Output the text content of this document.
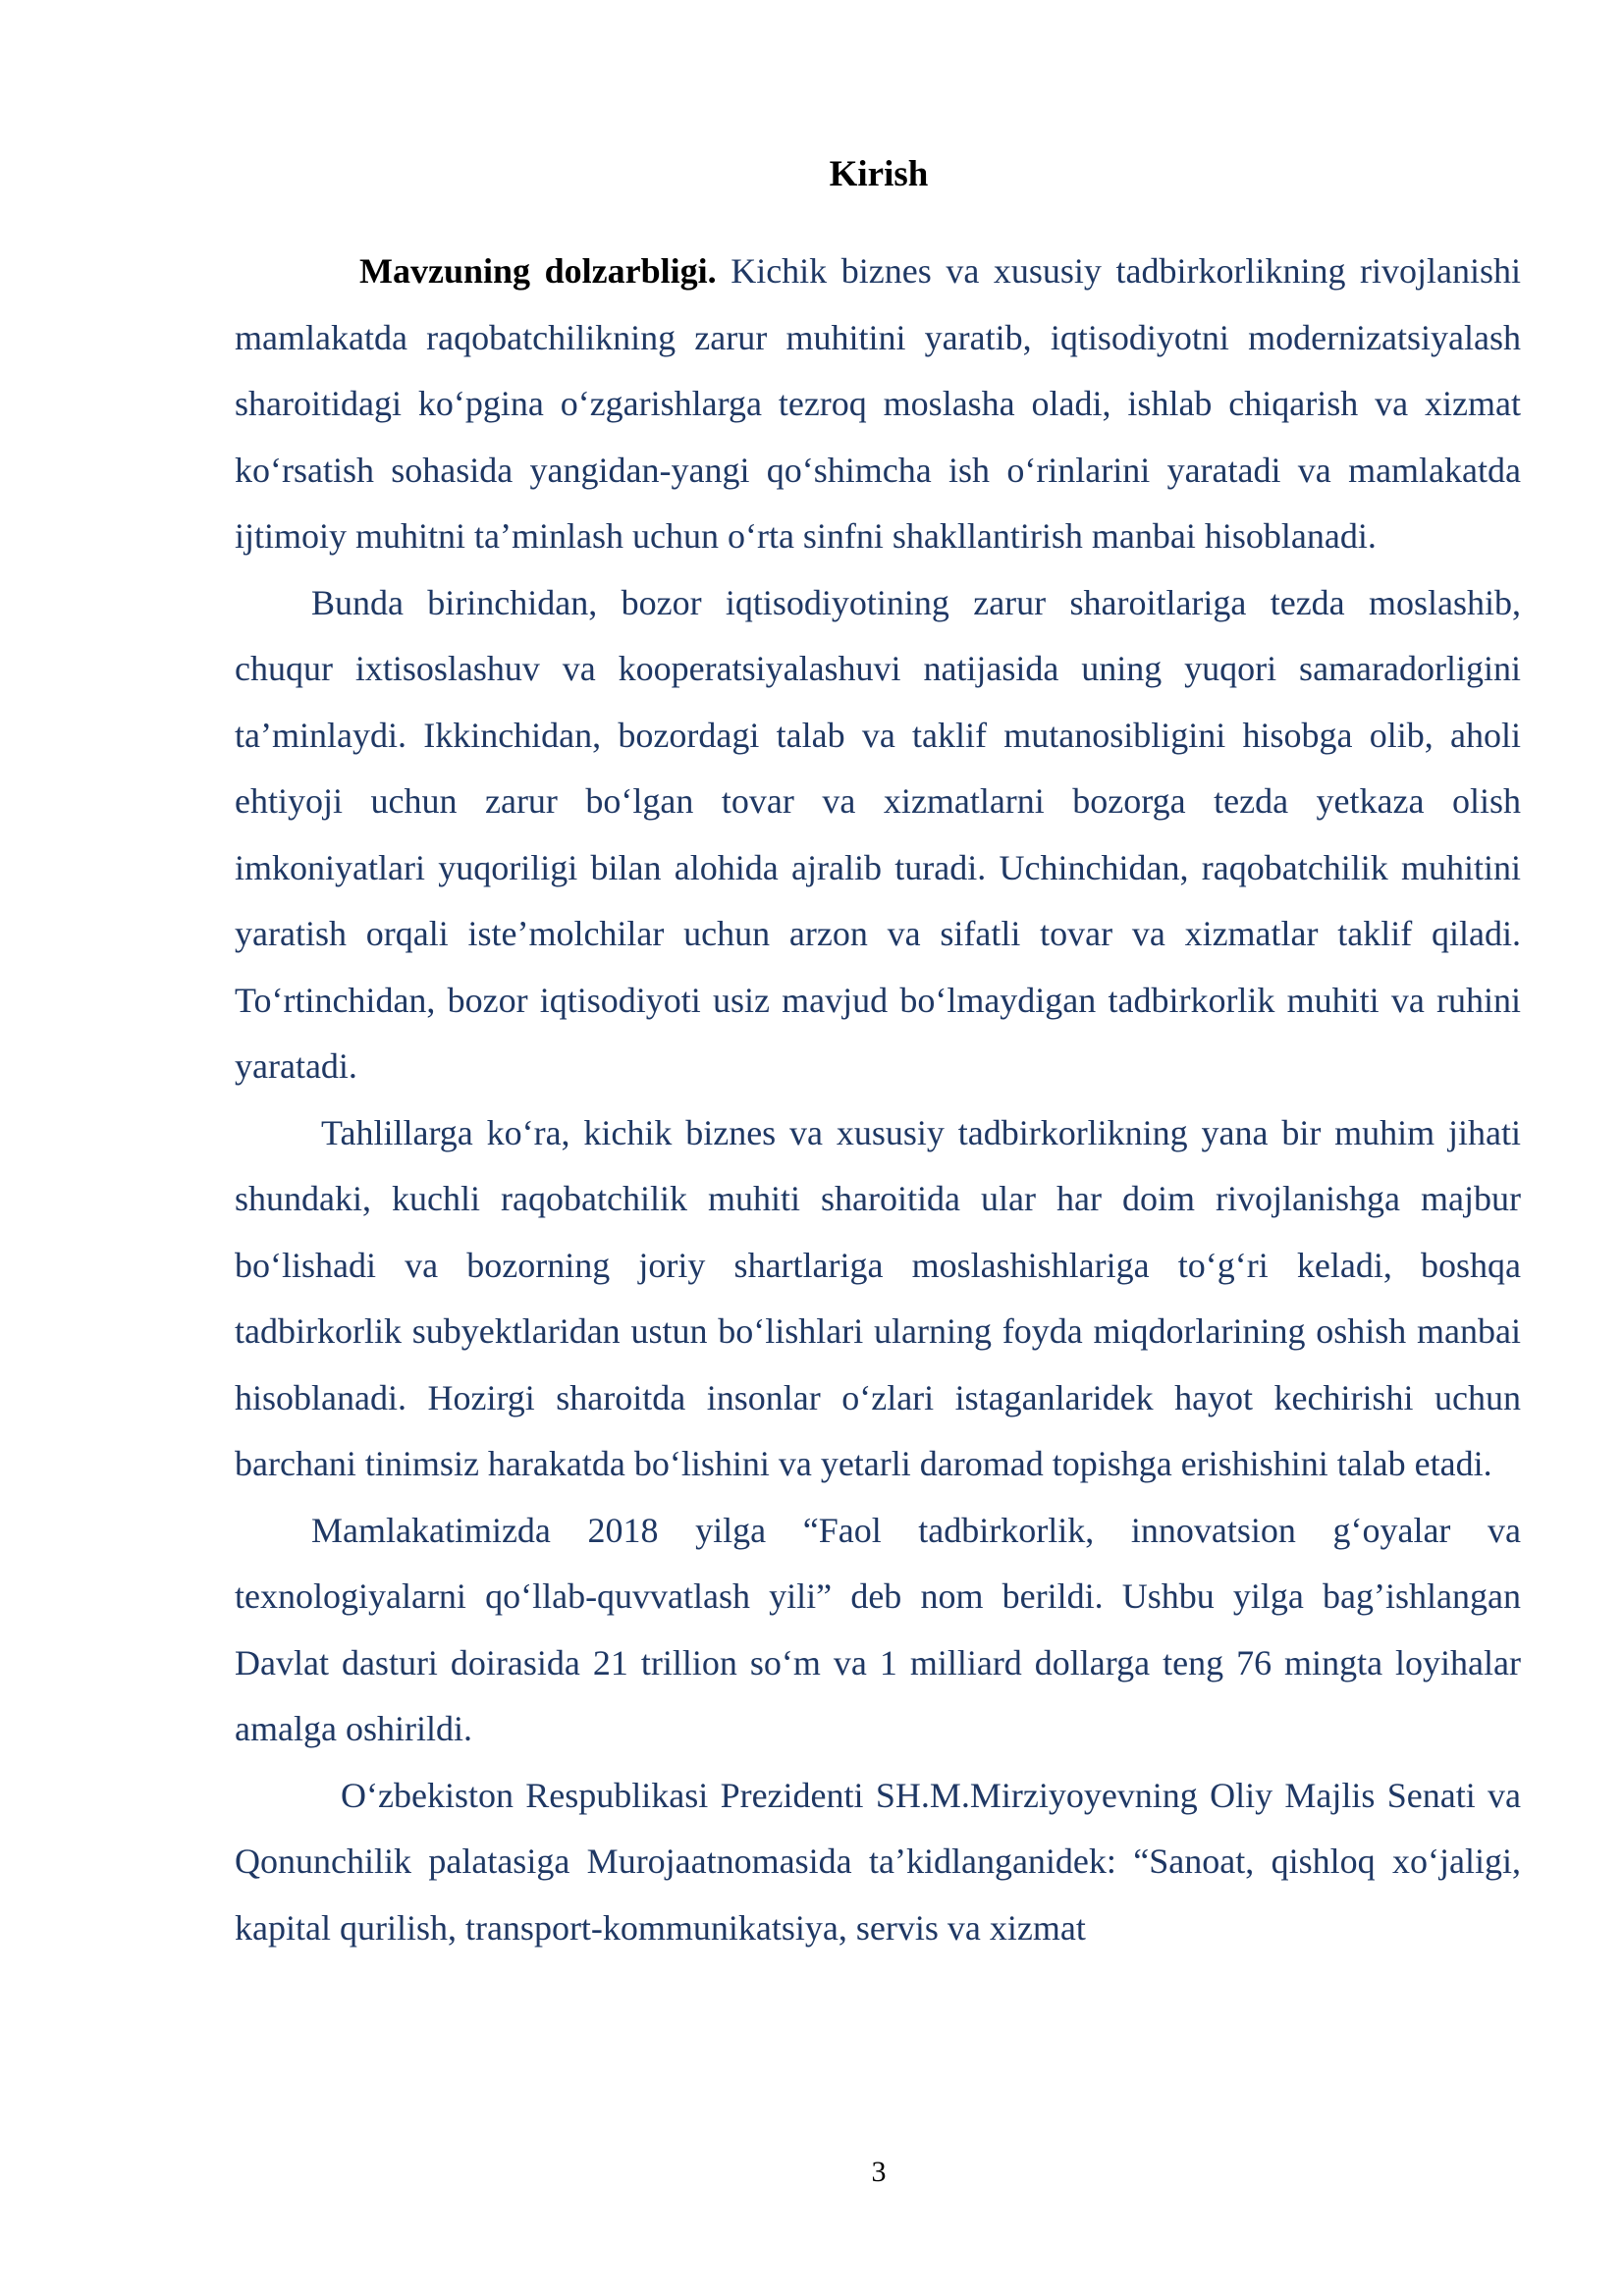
Kirish

Mavzuning dolzarbligi. Kichik biznes va xususiy tadbirkorlikning rivojlanishi mamlakatda raqobatchilikning zarur muhitini yaratib, iqtisodiyotni modernizatsiyalash sharoitidagi koʻpgina oʻzgarishlarga tezroq moslasha oladi, ishlab chiqarish va xizmat koʻrsatish sohasida yangidan-yangi qoʻshimcha ish oʻrinlarini yaratadi va mamlakatda ijtimoiy muhitni taʼminlash uchun oʻrta sinfni shakllantirish manbai hisoblanadi.

Bunda birinchidan, bozor iqtisodiyotining zarur sharoitlariga tezda moslashib, chuqur ixtisoslashuv va kooperatsiyalashuvi natijasida uning yuqori samaradorligini taʼminlaydi. Ikkinchidan, bozordagi talab va taklif mutanosibligini hisobga olib, aholi ehtiyoji uchun zarur boʻlgan tovar va xizmatlarni bozorga tezda yetkaza olish imkoniyatlari yuqoriligi bilan alohida ajralib turadi. Uchinchidan, raqobatchilik muhitini yaratish orqali isteʼmolchilar uchun arzon va sifatli tovar va xizmatlar taklif qiladi. Toʻrtinchidan, bozor iqtisodiyoti usiz mavjud boʻlmaydigan tadbirkorlik muhiti va ruhini yaratadi.

Tahlillarga koʻra, kichik biznes va xususiy tadbirkorlikning yana bir muhim jihati shundaki, kuchli raqobatchilik muhiti sharoitida ular har doim rivojlanishga majbur boʻlishadi va bozorning joriy shartlariga moslashishlariga toʻgʻri keladi, boshqa tadbirkorlik subyektlaridan ustun boʻlishlari ularning foyda miqdorlarining oshish manbai hisoblanadi. Hozirgi sharoitda insonlar oʻzlari istaganlaridek hayot kechirishi uchun barchani tinimsiz harakatda boʻlishini va yetarli daromad topishga erishishini talab etadi.

Mamlakatimizda 2018 yilga “Faol tadbirkorlik, innovatsion gʻoyalar va texnologiyalarni qoʻllab-quvvatlash yili” deb nom berildi. Ushbu yilga bagʼishlangan Davlat dasturi doirasida 21 trillion soʻm va 1 milliard dollarga teng 76 mingta loyihalar amalga oshirildi.

Oʻzbekiston Respublikasi Prezidenti SH.M.Mirziyoyevning Oliy Majlis Senati va Qonunchilik palatasiga Murojaatnomasida taʼkidlanganidek: “Sanoat, qishloq xoʻjaligi, kapital qurilish, transport-kommunikatsiya, servis va xizmat

3
